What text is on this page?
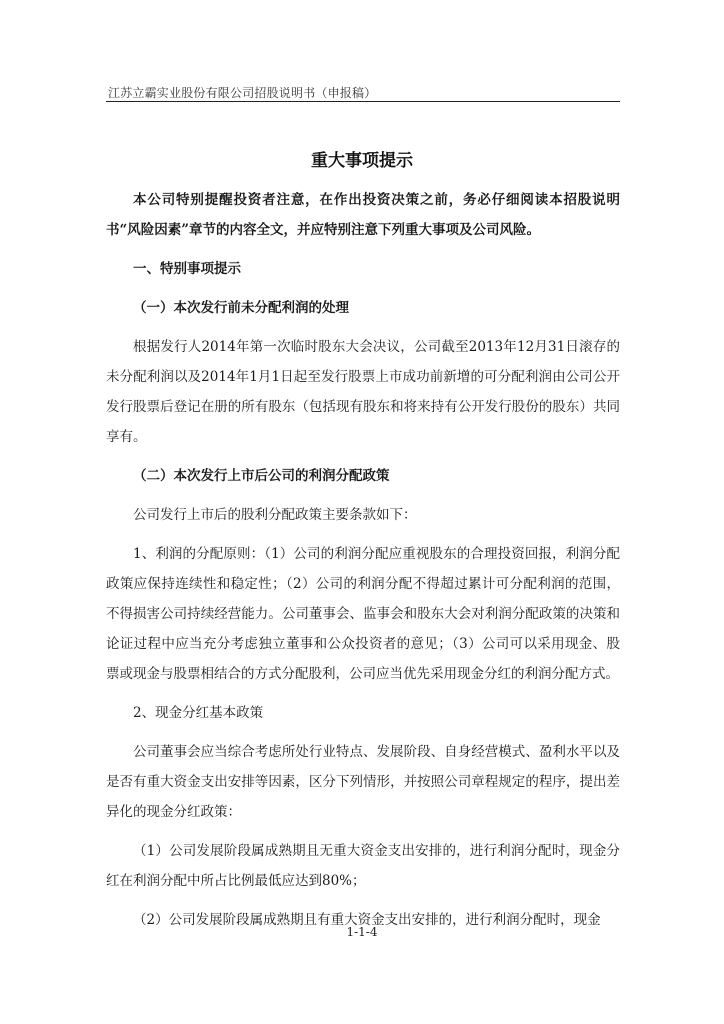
江苏立霸实业股份有限公司招股说明书（申报稿）
重大事项提示

本公司特别提醒投资者注意，在作出投资决策之前，务必仔细阅读本招股说明书“风险因素”章节的内容全文，并应特别注意下列重大事项及公司风险。

一、特别事项提示

（一）本次发行前未分配利润的处理

根据发行人2014年第一次临时股东大会决议，公司截至2013年12月31日滚存的未分配利润以及2014年1月1日起至发行股票上市成功前新增的可分配利润由公司公开发行股票后登记在册的所有股东（包括现有股东和将来持有公开发行股份的股东）共同享有。

（二）本次发行上市后公司的利润分配政策

公司发行上市后的股利分配政策主要条款如下：

1、利润的分配原则：（1）公司的利润分配应重视股东的合理投资回报，利润分配政策应保持连续性和稳定性；（2）公司的利润分配不得超过累计可分配利润的范围，不得损害公司持续经营能力。公司董事会、监事会和股东大会对利润分配政策的决策和论证过程中应当充分考虑独立董事和公众投资者的意见；（3）公司可以采用现金、股票或现金与股票相结合的方式分配股利，公司应当优先采用现金分红的利润分配方式。

2、现金分红基本政策

公司董事会应当综合考虑所处行业特点、发展阶段、自身经营模式、盈利水平以及是否有重大资金支出安排等因素，区分下列情形，并按照公司章程规定的程序，提出差异化的现金分红政策：

（1）公司发展阶段属成熟期且无重大资金支出安排的，进行利润分配时，现金分红在利润分配中所占比例最低应达到80%；

（2）公司发展阶段属成熟期且有重大资金支出安排的，进行利润分配时，现金

1-1-4
